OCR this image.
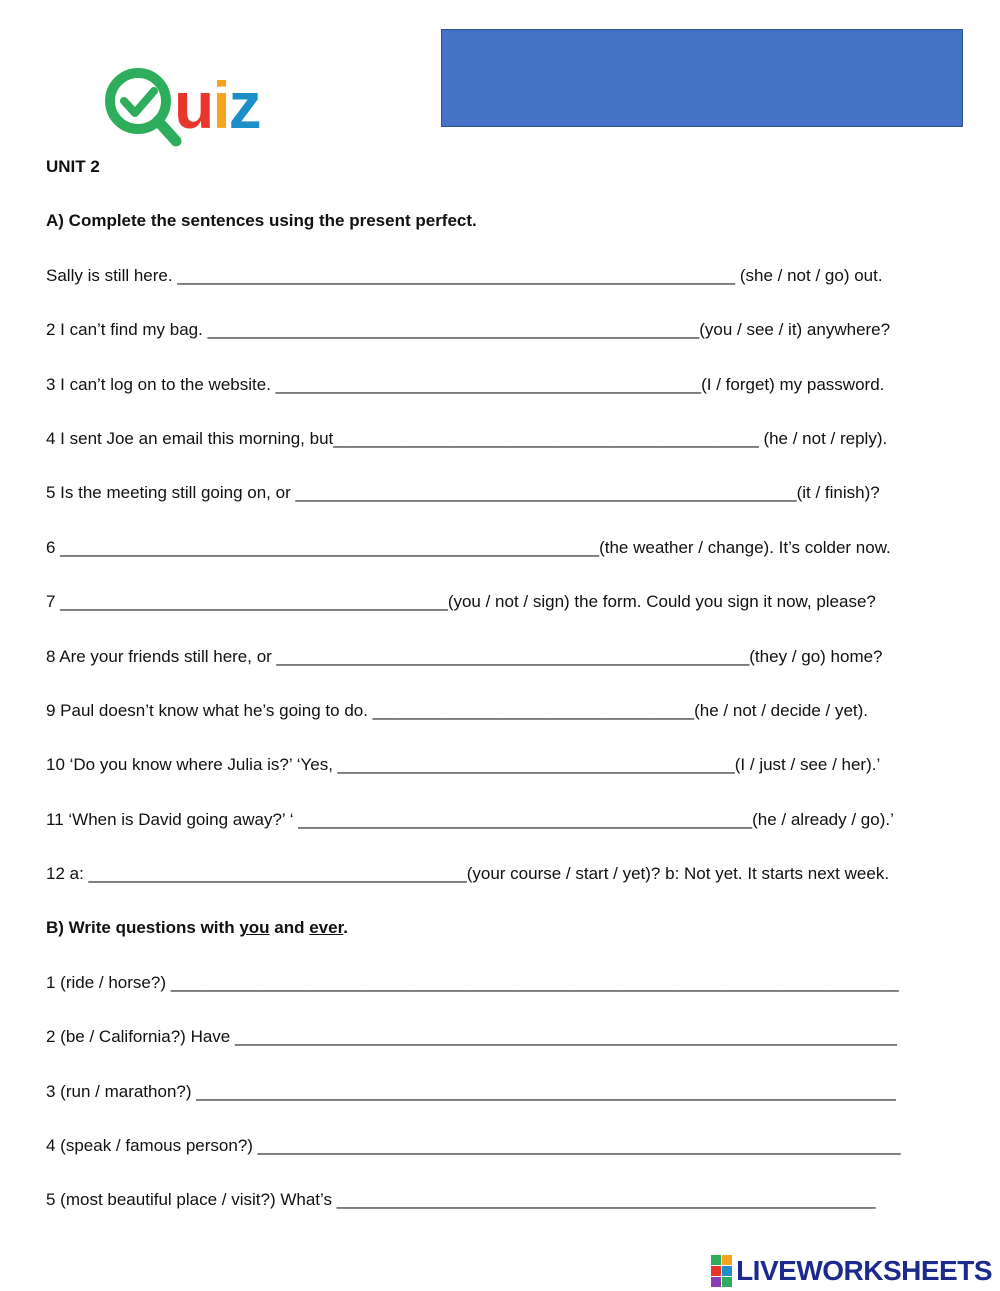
uiz
UNIT 2
A) Complete the sentences using the present perfect.
Sally is still here. ___________________________________________________________ (she / not / go) out.
2 I can’t find my bag. ____________________________________________________(you / see / it) anywhere?
3 I can’t log on to the website. _____________________________________________(I / forget) my password.
4 I sent Joe an email this morning, but_____________________________________________ (he / not / reply).
5 Is the meeting still going on, or _____________________________________________________(it / finish)?
6 _________________________________________________________(the weather / change). It’s colder now.
7 _________________________________________(you / not / sign) the form. Could you sign it now, please?
8 Are your friends still here, or __________________________________________________(they / go) home?
9 Paul doesn’t know what he’s going to do. __________________________________(he / not / decide / yet).
10 ‘Do you know where Julia is?’ ‘Yes, __________________________________________(I / just / see / her).’
11 ‘When is David going away?’ ‘ ________________________________________________(he / already / go).’
12 a: ________________________________________(your course / start / yet)? b: Not yet. It starts next week.
B) Write questions with you and ever.
1 (ride / horse?) _____________________________________________________________________________
2 (be / California?) Have ______________________________________________________________________
3 (run / marathon?) __________________________________________________________________________
4 (speak / famous person?) ____________________________________________________________________
5 (most beautiful place / visit?) What’s _________________________________________________________
LIVEWORKSHEETS
